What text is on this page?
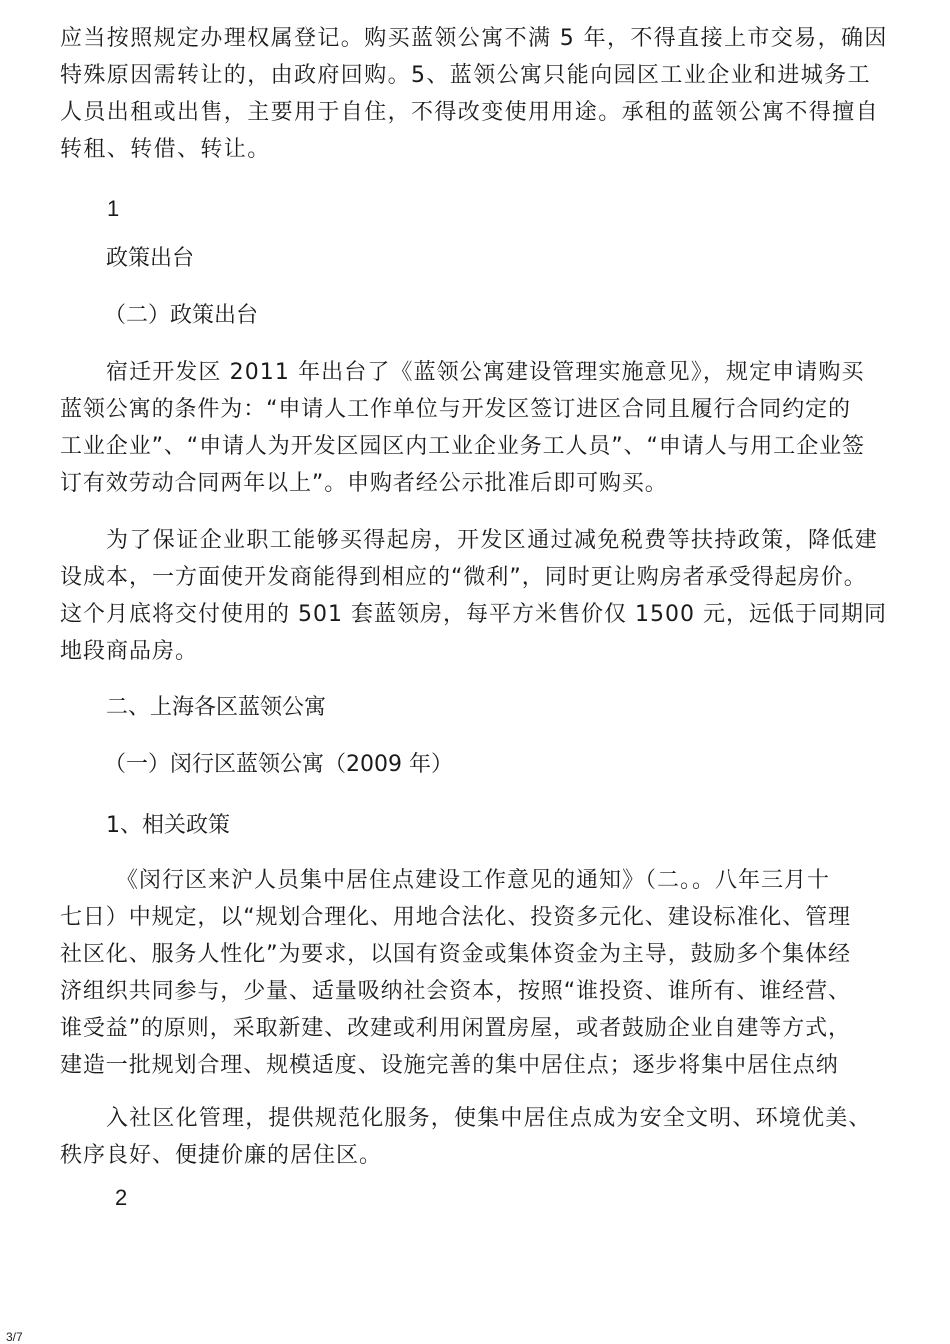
应当按照规定办理权属登记。购买蓝领公寓不满 5 年，不得直接上市交易，确因
特殊原因需转让的，由政府回购。5、蓝领公寓只能向园区工业企业和进城务工
人员出租或出售，主要用于自住，不得改变使用用途。承租的蓝领公寓不得擅自
转租、转借、转让。
1
政策出台
（二）政策出台
宿迁开发区 2011 年出台了《蓝领公寓建设管理实施意见》，规定申请购买
蓝领公寓的条件为：“申请人工作单位与开发区签订进区合同且履行合同约定的
工业企业”、“申请人为开发区园区内工业企业务工人员”、“申请人与用工企业签
订有效劳动合同两年以上”。申购者经公示批准后即可购买。
为了保证企业职工能够买得起房，开发区通过减免税费等扶持政策，降低建
设成本，一方面使开发商能得到相应的“微利”，同时更让购房者承受得起房价。
这个月底将交付使用的 501 套蓝领房，每平方米售价仅 1500 元，远低于同期同
地段商品房。
二、上海各区蓝领公寓
（一）闵行区蓝领公寓（2009 年）
1、相关政策
《闵行区来沪人员集中居住点建设工作意见的通知》（二。。八年三月十
七日）中规定，以“规划合理化、用地合法化、投资多元化、建设标准化、管理
社区化、服务人性化”为要求，以国有资金或集体资金为主导，鼓励多个集体经
济组织共同参与，少量、适量吸纳社会资本，按照“谁投资、谁所有、谁经营、
谁受益”的原则，采取新建、改建或利用闲置房屋，或者鼓励企业自建等方式，
建造一批规划合理、规模适度、设施完善的集中居住点；逐步将集中居住点纳
入社区化管理，提供规范化服务，使集中居住点成为安全文明、环境优美、
秩序良好、便捷价廉的居住区。
2
3/7
